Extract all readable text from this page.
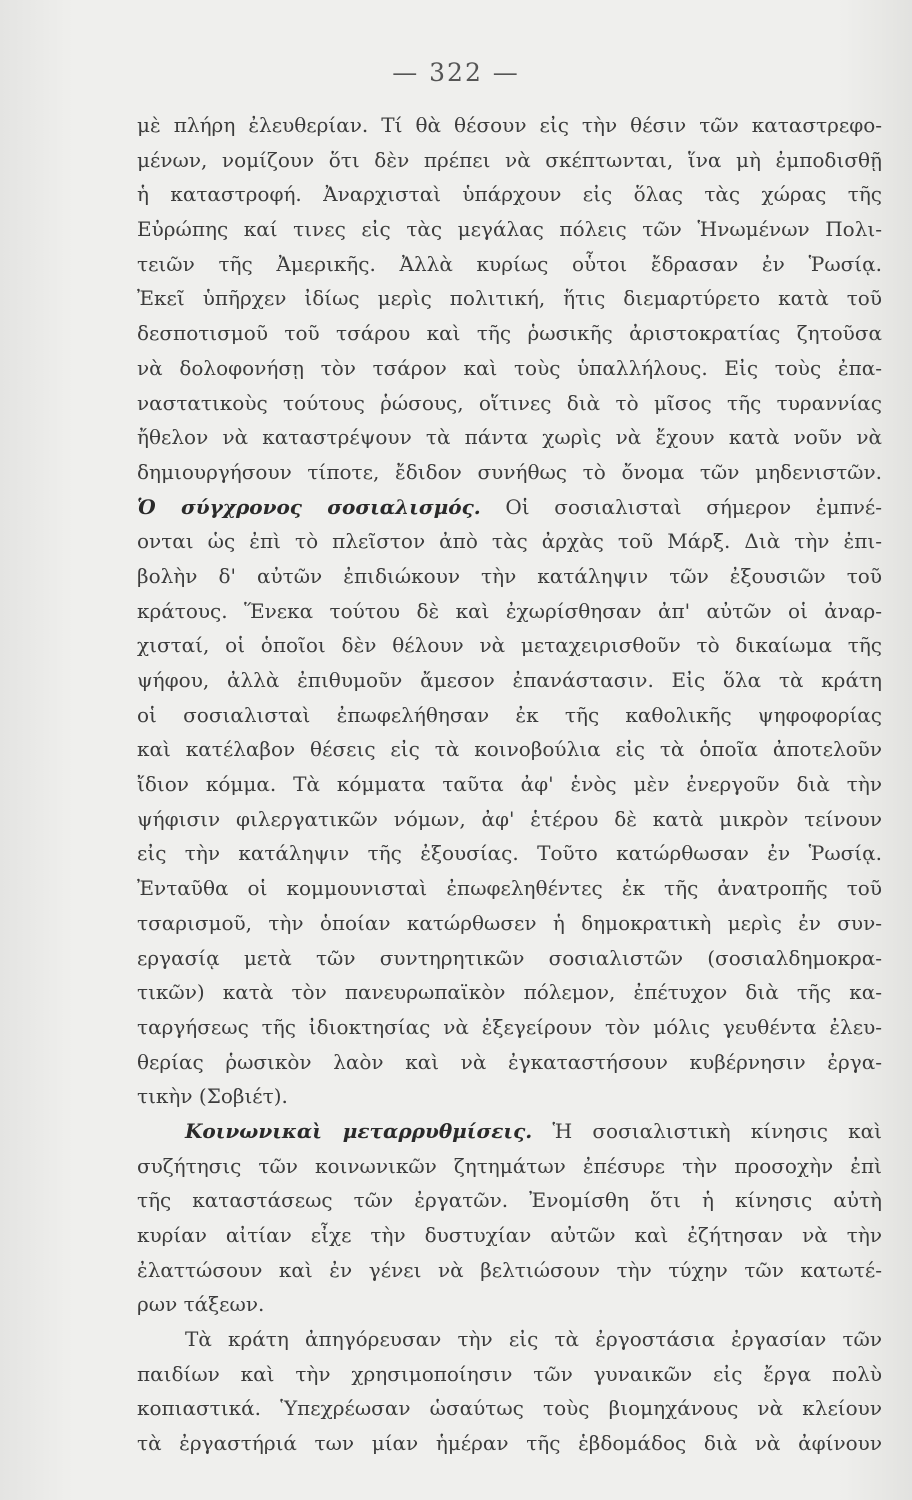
— 322 —
μὲ πλήρη ἐλευθερίαν. Τί θὰ θέσουν εἰς τὴν θέσιν τῶν καταστρεφο-
μένων, νομίζουν ὅτι δὲν πρέπει νὰ σκέπτωνται, ἵνα μὴ ἐμποδισθῇ
ἡ καταστροφή. Ἀναρχισταὶ ὑπάρχουν εἰς ὅλας τὰς χώρας τῆς
Εὐρώπης καί τινες εἰς τὰς μεγάλας πόλεις τῶν Ἡνωμένων Πολι-
τειῶν τῆς Ἀμερικῆς. Ἀλλὰ κυρίως οὗτοι ἔδρασαν ἐν Ῥωσίᾳ.
Ἐκεῖ ὑπῆρχεν ἰδίως μερὶς πολιτική, ἥτις διεμαρτύρετο κατὰ τοῦ
δεσποτισμοῦ τοῦ τσάρου καὶ τῆς ῥωσικῆς ἀριστοκρατίας ζητοῦσα
νὰ δολοφονήσῃ τὸν τσάρον καὶ τοὺς ὑπαλλήλους. Εἰς τοὺς ἐπα-
ναστατικοὺς τούτους ῥώσους, οἵτινες διὰ τὸ μῖσος τῆς τυραννίας
ἤθελον νὰ καταστρέψουν τὰ πάντα χωρὶς νὰ ἔχουν κατὰ νοῦν νὰ
δημιουργήσουν τίποτε, ἔδιδον συνήθως τὸ ὄνομα τῶν μηδενιστῶν.
Ὁ σύγχρονος σοσιαλισμός. Οἱ σοσιαλισταὶ σήμερον ἐμπνέ-
ονται ὡς ἐπὶ τὸ πλεῖστον ἀπὸ τὰς ἀρχὰς τοῦ Μάρξ. Διὰ τὴν ἐπι-
βολὴν δ' αὐτῶν ἐπιδιώκουν τὴν κατάληψιν τῶν ἐξουσιῶν τοῦ
κράτους. Ἕνεκα τούτου δὲ καὶ ἐχωρίσθησαν ἀπ' αὐτῶν οἱ ἀναρ-
χισταί, οἱ ὁποῖοι δὲν θέλουν νὰ μεταχειρισθοῦν τὸ δικαίωμα τῆς
ψήφου, ἀλλὰ ἐπιθυμοῦν ἄμεσον ἐπανάστασιν. Εἰς ὅλα τὰ κράτη
οἱ σοσιαλισταὶ ἐπωφελήθησαν ἐκ τῆς καθολικῆς ψηφοφορίας
καὶ κατέλαβον θέσεις εἰς τὰ κοινοβούλια εἰς τὰ ὁποῖα ἀποτελοῦν
ἴδιον κόμμα. Τὰ κόμματα ταῦτα ἀφ' ἑνὸς μὲν ἐνεργοῦν διὰ τὴν
ψήφισιν φιλεργατικῶν νόμων, ἀφ' ἑτέρου δὲ κατὰ μικρὸν τείνουν
εἰς τὴν κατάληψιν τῆς ἐξουσίας. Τοῦτο κατώρθωσαν ἐν Ῥωσίᾳ.
Ἐνταῦθα οἱ κομμουνισταὶ ἐπωφεληθέντες ἐκ τῆς ἀνατροπῆς τοῦ
τσαρισμοῦ, τὴν ὁποίαν κατώρθωσεν ἡ δημοκρατικὴ μερὶς ἐν συν-
εργασίᾳ μετὰ τῶν συντηρητικῶν σοσιαλιστῶν (σοσιαλδημοκρα-
τικῶν) κατὰ τὸν πανευρωπαϊκὸν πόλεμον, ἐπέτυχον διὰ τῆς κα-
ταργήσεως τῆς ἰδιοκτησίας νὰ ἐξεγείρουν τὸν μόλις γευθέντα ἐλευ-
θερίας ῥωσικὸν λαὸν καὶ νὰ ἐγκαταστήσουν κυβέρνησιν ἐργα-
τικὴν (Σοβιέτ).
Κοινωνικαὶ μεταρρυθμίσεις. Ἡ σοσιαλιστικὴ κίνησις καὶ
συζήτησις τῶν κοινωνικῶν ζητημάτων ἐπέσυρε τὴν προσοχὴν ἐπὶ
τῆς καταστάσεως τῶν ἐργατῶν. Ἐνομίσθη ὅτι ἡ κίνησις αὐτὴ
κυρίαν αἰτίαν εἶχε τὴν δυστυχίαν αὐτῶν καὶ ἐζήτησαν νὰ τὴν
ἐλαττώσουν καὶ ἐν γένει νὰ βελτιώσουν τὴν τύχην τῶν κατωτέ-
ρων τάξεων.
Τὰ κράτη ἀπηγόρευσαν τὴν εἰς τὰ ἐργοστάσια ἐργασίαν τῶν
παιδίων καὶ τὴν χρησιμοποίησιν τῶν γυναικῶν εἰς ἔργα πολὺ
κοπιαστικά. Ὑπεχρέωσαν ὡσαύτως τοὺς βιομηχάνους νὰ κλείουν
τὰ ἐργαστήριά των μίαν ἡμέραν τῆς ἑβδομάδος διὰ νὰ ἀφίνουν
